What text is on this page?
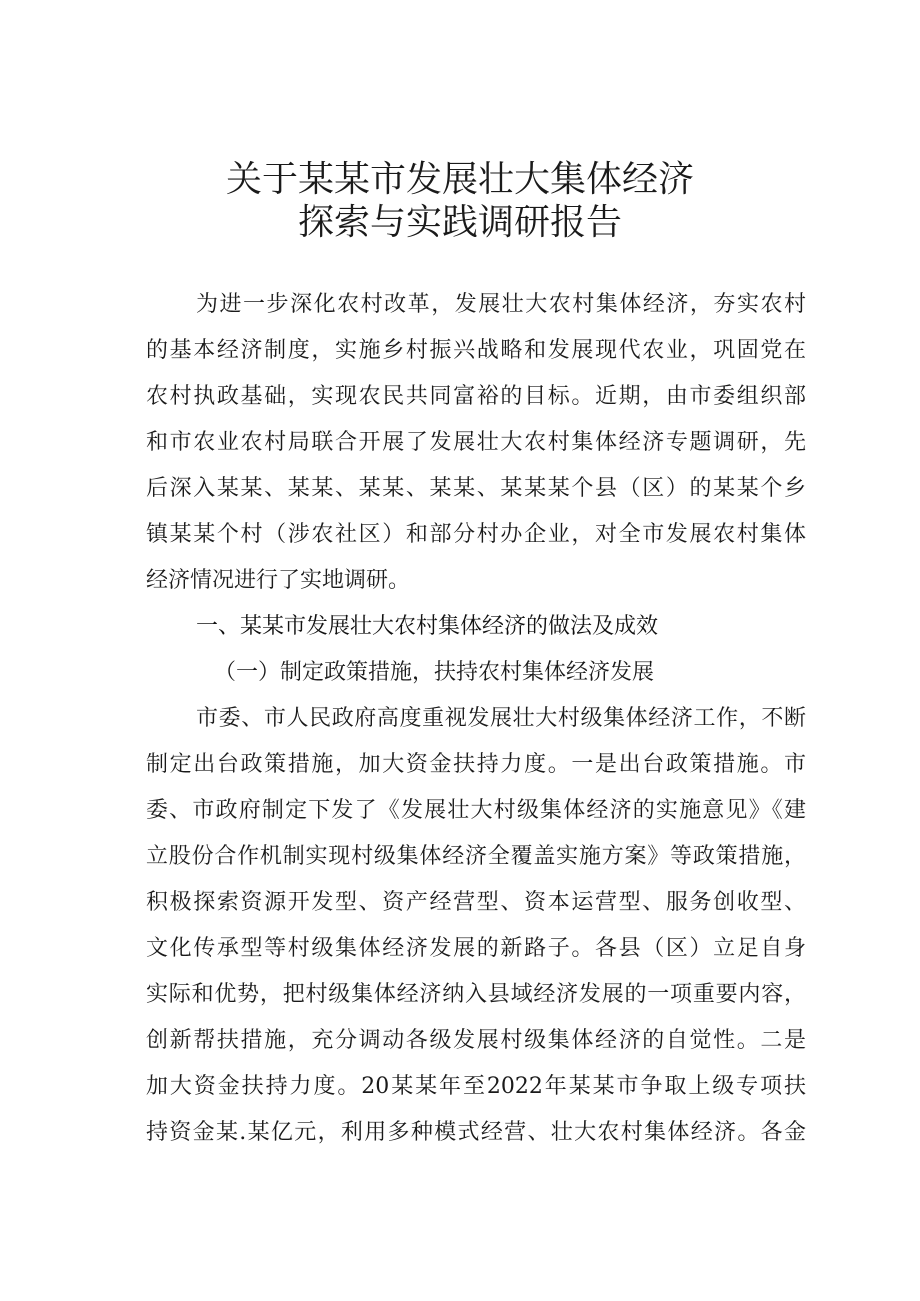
关于某某市发展壮大集体经济
探索与实践调研报告
为进一步深化农村改革，发展壮大农村集体经济，夯实农村
的基本经济制度，实施乡村振兴战略和发展现代农业，巩固党在
农村执政基础，实现农民共同富裕的目标。近期，由市委组织部
和市农业农村局联合开展了发展壮大农村集体经济专题调研，先
后深入某某、某某、某某、某某、某某某个县（区）的某某个乡
镇某某个村（涉农社区）和部分村办企业，对全市发展农村集体
经济情况进行了实地调研。
一、某某市发展壮大农村集体经济的做法及成效
（一）制定政策措施，扶持农村集体经济发展
市委、市人民政府高度重视发展壮大村级集体经济工作，不断
制定出台政策措施，加大资金扶持力度。一是出台政策措施。市
委、市政府制定下发了《发展壮大村级集体经济的实施意见》《建
立股份合作机制实现村级集体经济全覆盖实施方案》等政策措施，
积极探索资源开发型、资产经营型、资本运营型、服务创收型、
文化传承型等村级集体经济发展的新路子。各县（区）立足自身
实际和优势，把村级集体经济纳入县域经济发展的一项重要内容，
创新帮扶措施，充分调动各级发展村级集体经济的自觉性。二是
加大资金扶持力度。20某某年至2022年某某市争取上级专项扶
持资金某.某亿元，利用多种模式经营、壮大农村集体经济。各金
